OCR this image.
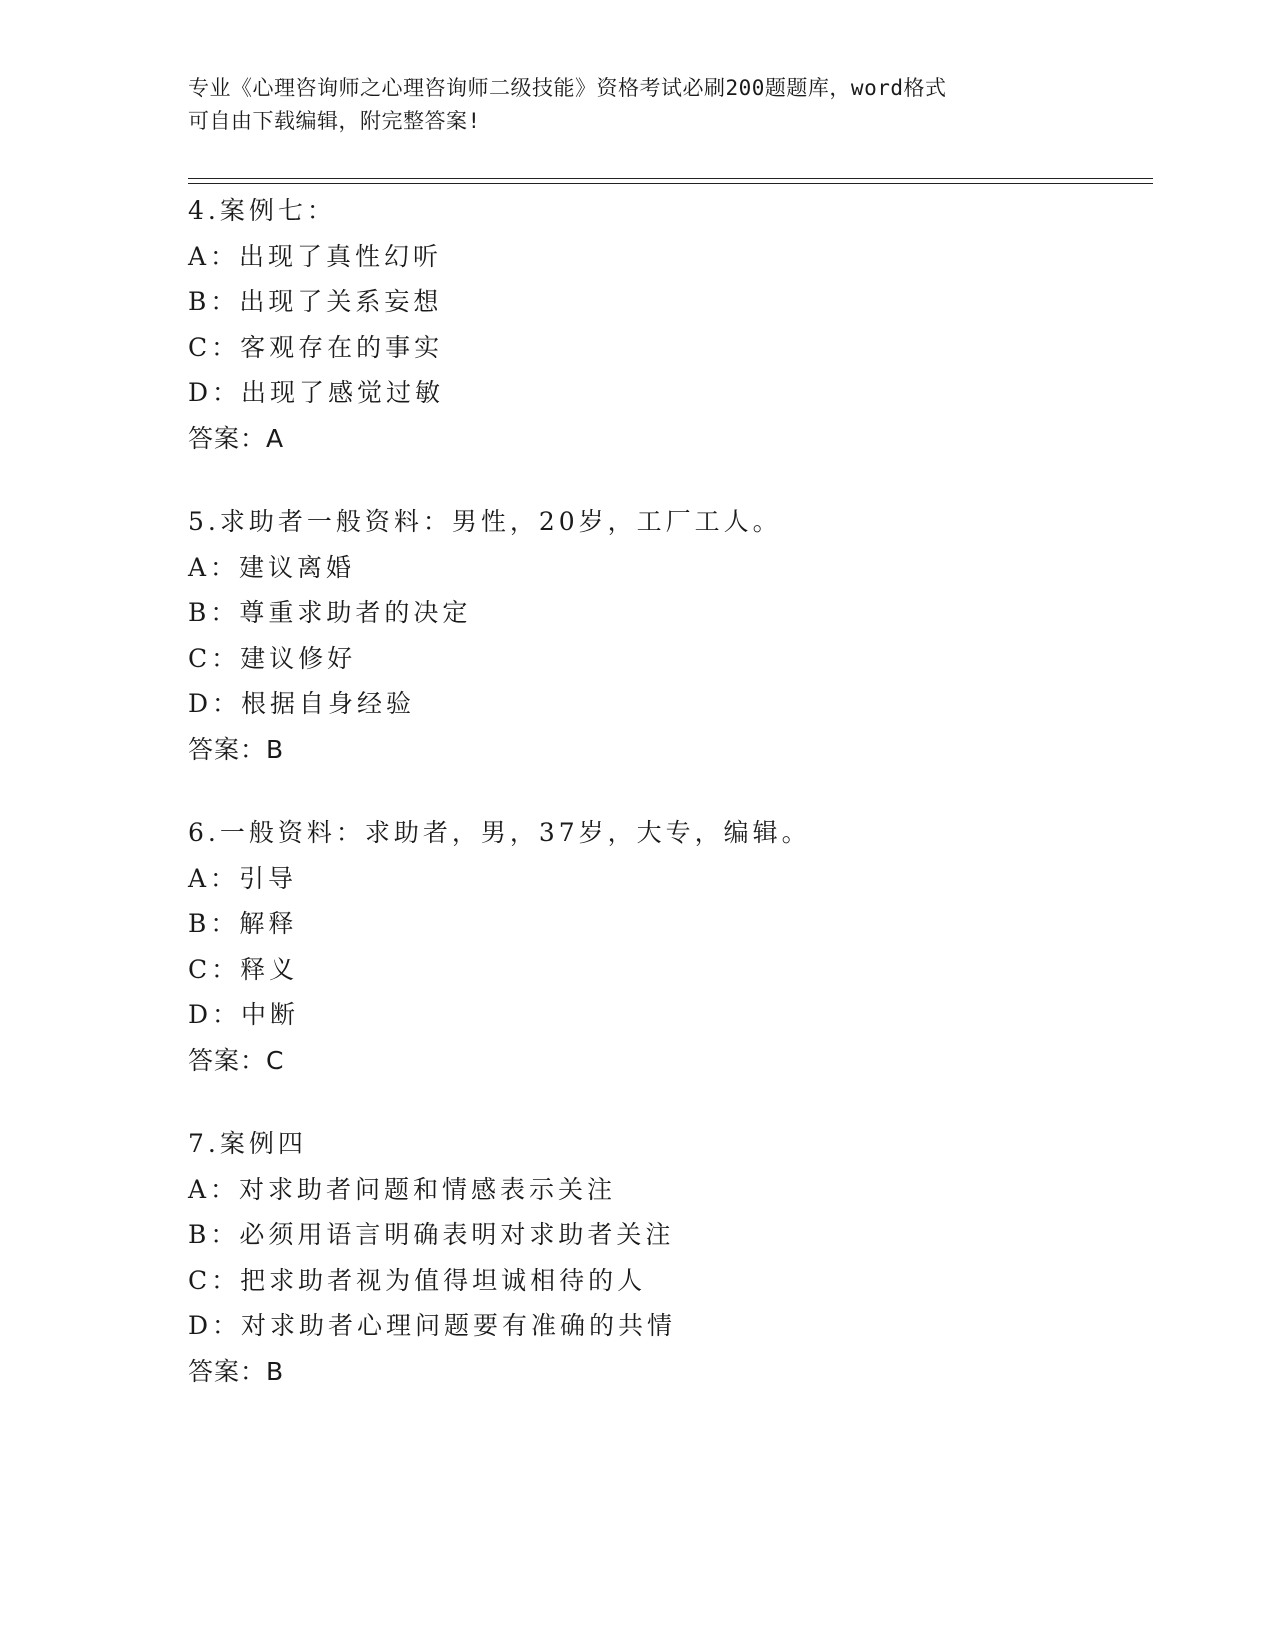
专业《心理咨询师之心理咨询师二级技能》资格考试必刷200题题库，word格式
可自由下载编辑，附完整答案!
4.案例七：
A：出现了真性幻听
B：出现了关系妄想
C：客观存在的事实
D：出现了感觉过敏
答案：A
5.求助者一般资料：男性，20岁，工厂工人。
A：建议离婚
B：尊重求助者的决定
C：建议修好
D：根据自身经验
答案：B
6.一般资料：求助者，男，37岁，大专，编辑。
A：引导
B：解释
C：释义
D：中断
答案：C
7.案例四
A：对求助者问题和情感表示关注
B：必须用语言明确表明对求助者关注
C：把求助者视为值得坦诚相待的人
D：对求助者心理问题要有准确的共情
答案：B
